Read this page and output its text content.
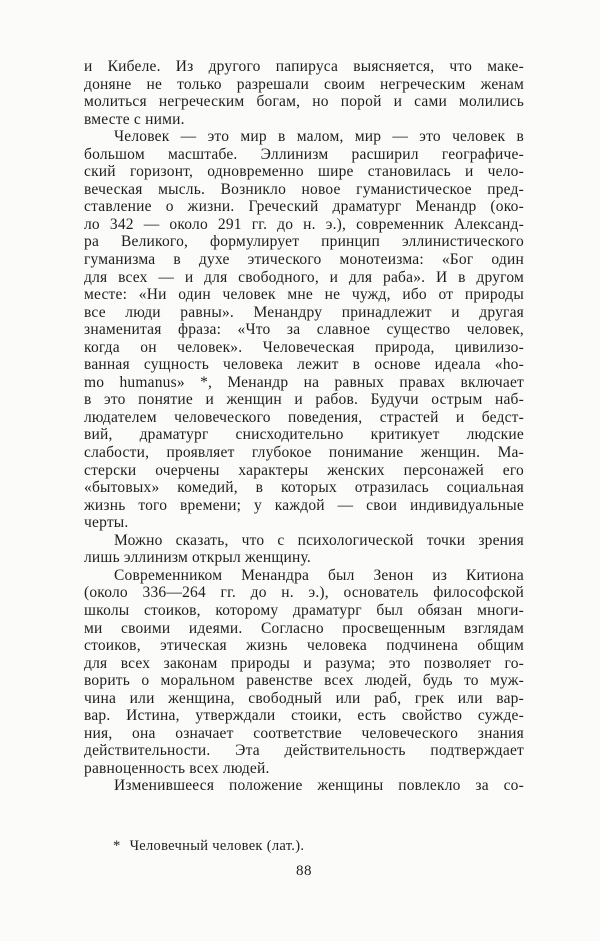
и Кибеле. Из другого папируса выясняется, что маке-
доняне не только разрешали своим негреческим женам
молиться негреческим богам, но порой и сами молились
вместе с ними.
Человек — это мир в малом, мир — это человек в
большом масштабе. Эллинизм расширил географиче-
ский горизонт, одновременно шире становилась и чело-
веческая мысль. Возникло новое гуманистическое пред-
ставление о жизни. Греческий драматург Менандр (око-
ло 342 — около 291 гг. до н. э.), современник Александ-
ра Великого, формулирует принцип эллинистического
гуманизма в духе этического монотеизма: «Бог один
для всех — и для свободного, и для раба». И в другом
месте: «Ни один человек мне не чужд, ибо от природы
все люди равны». Менандру принадлежит и другая
знаменитая фраза: «Что за славное существо человек,
когда он человек». Человеческая природа, цивилизо-
ванная сущность человека лежит в основе идеала «ho-
mo humanus» *, Менандр на равных правах включает
в это понятие и женщин и рабов. Будучи острым наб-
людателем человеческого поведения, страстей и бедст-
вий, драматург снисходительно критикует людские
слабости, проявляет глубокое понимание женщин. Ма-
стерски очерчены характеры женских персонажей его
«бытовых» комедий, в которых отразилась социальная
жизнь того времени; у каждой — свои индивидуальные
черты.
Можно сказать, что с психологической точки зрения
лишь эллинизм открыл женщину.
Современником Менандра был Зенон из Китиона
(около 336—264 гг. до н. э.), основатель философской
школы стоиков, которому драматург был обязан многи-
ми своими идеями. Согласно просвещенным взглядам
стоиков, этическая жизнь человека подчинена общим
для всех законам природы и разума; это позволяет го-
ворить о моральном равенстве всех людей, будь то муж-
чина или женщина, свободный или раб, грек или вар-
вар. Истина, утверждали стоики, есть свойство сужде-
ния, она означает соответствие человеческого знания
действительности. Эта действительность подтверждает
равноценность всех людей.
Изменившееся положение женщины повлекло за со-
* Человечный человек (лат.).
88
